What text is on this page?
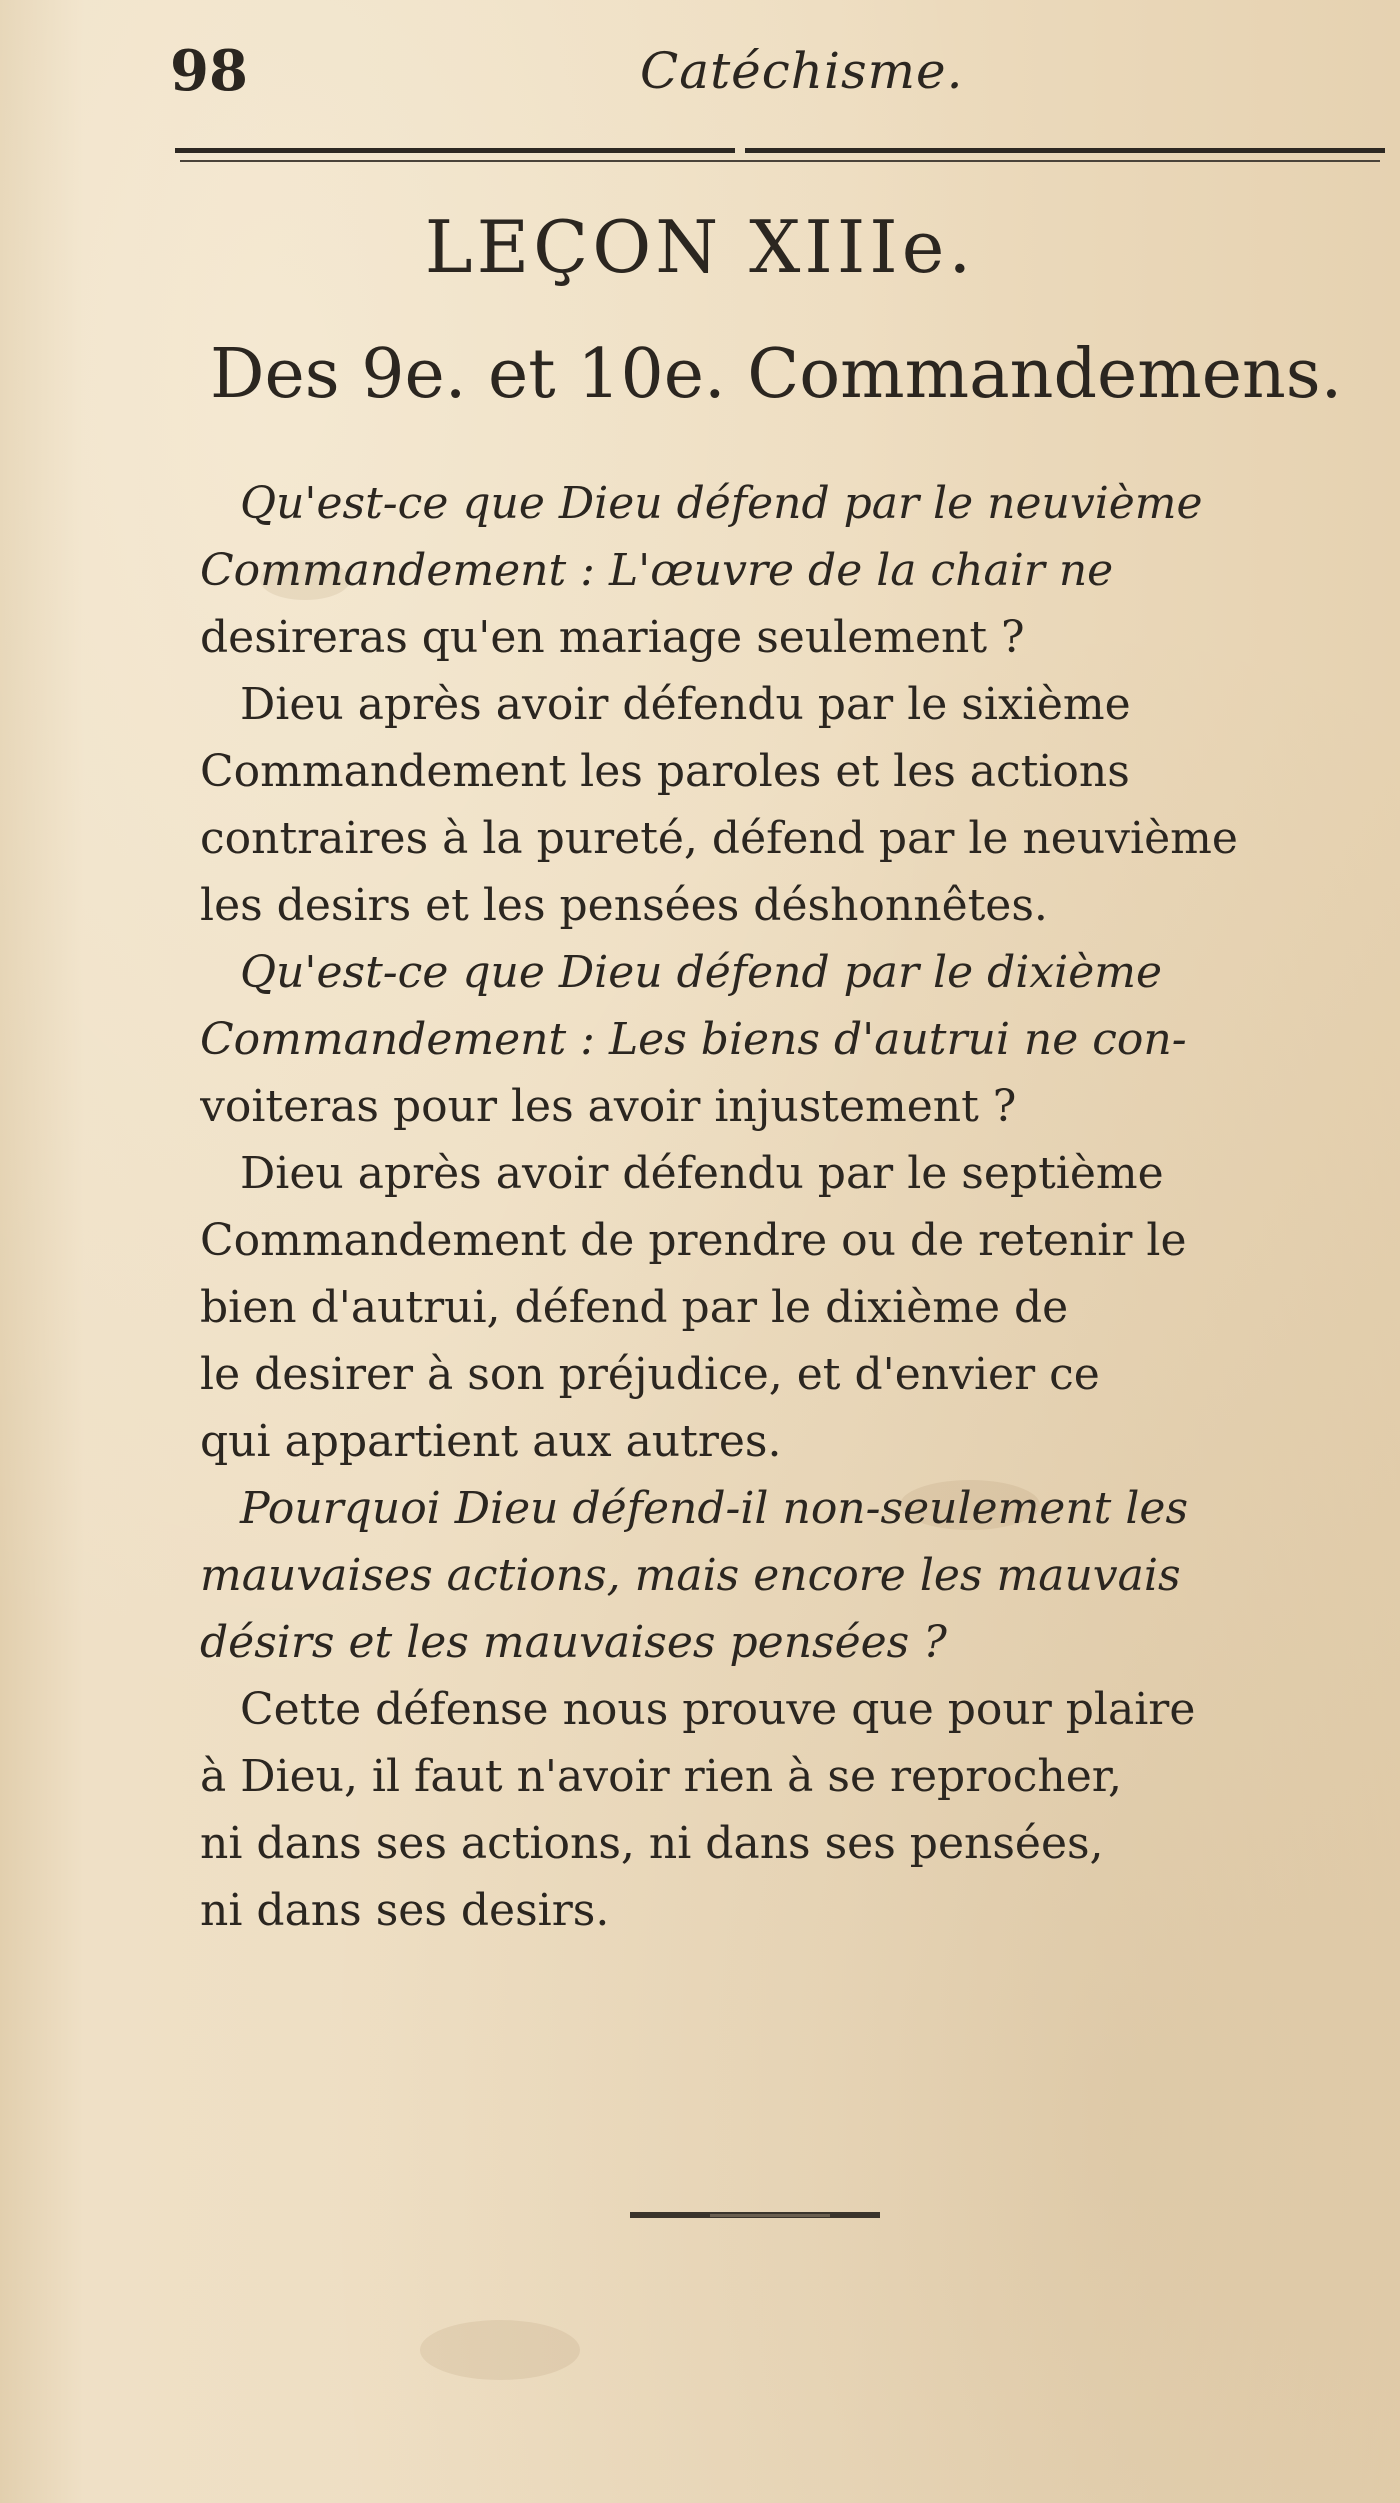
98	Catéchisme.
LEÇON XIIIe.
Des 9e. et 10e. Commandemens.
Qu'est-ce que Dieu défend par le neuvième
Commandement : L'œuvre de la chair ne
desireras qu'en mariage seulement ?
Dieu après avoir défendu par le sixième
Commandement les paroles et les actions
contraires à la pureté, défend par le neuvième
les desirs et les pensées déshonnêtes.
Qu'est-ce que Dieu défend par le dixième
Commandement : Les biens d'autrui ne con-
voiteras pour les avoir injustement ?
Dieu après avoir défendu par le septième
Commandement de prendre ou de retenir le
bien d'autrui, défend par le dixième de
le desirer à son préjudice, et d'envier ce
qui appartient aux autres.
Pourquoi Dieu défend-il non-seulement les
mauvaises actions, mais encore les mauvais
désirs et les mauvaises pensées ?
Cette défense nous prouve que pour plaire
à Dieu, il faut n'avoir rien à se reprocher,
ni dans ses actions, ni dans ses pensées,
ni dans ses desirs.
